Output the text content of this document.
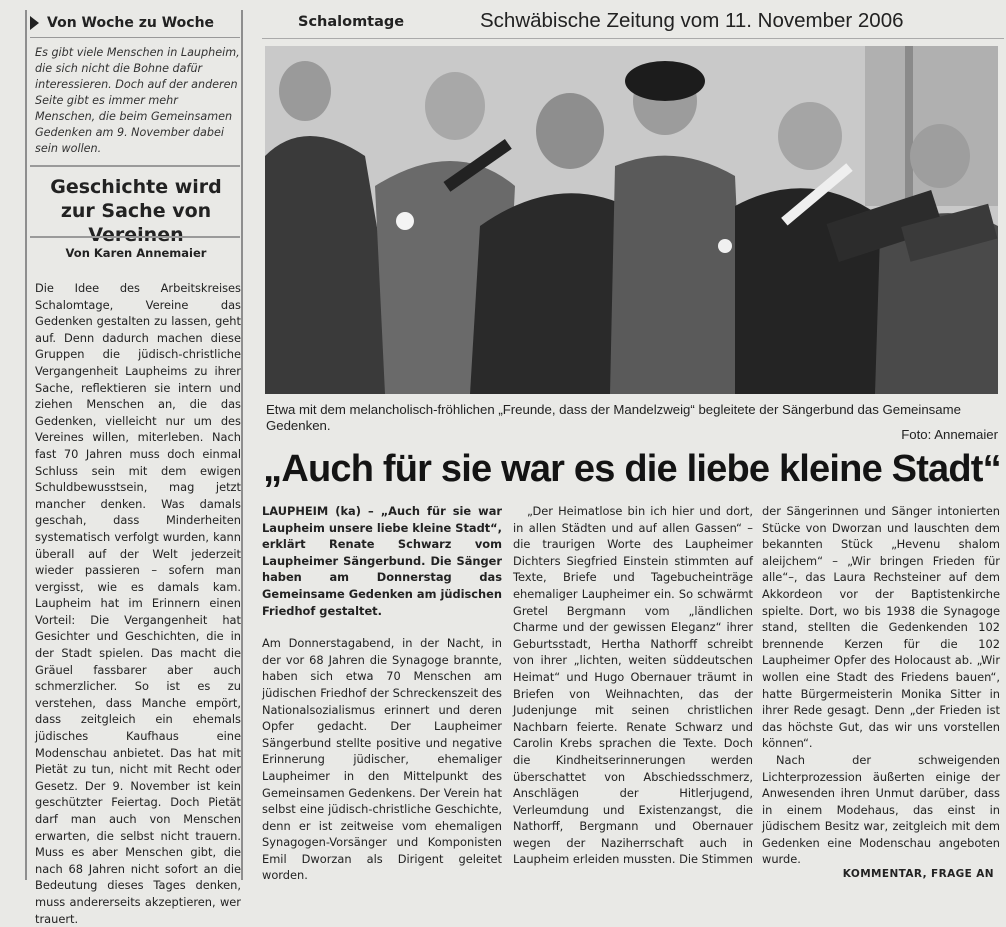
Von Woche zu Woche

Es gibt viele Menschen in Laupheim, die sich nicht die Bohne dafür interessieren. Doch auf der anderen Seite gibt es immer mehr Menschen, die beim Gemeinsamen Gedenken am 9. November dabei sein wollen.

Geschichte wird zur Sache von Vereinen
Von Karen Annemaier

Die Idee des Arbeitskreises Schalomtage, Vereine das Gedenken gestalten zu lassen, geht auf. Denn dadurch machen diese Gruppen die jüdisch-christliche Vergangenheit Laupheims zu ihrer Sache, reflektieren sie intern und ziehen Menschen an, die das Gedenken, vielleicht nur um des Vereines willen, miterleben. Nach fast 70 Jahren muss doch einmal Schluss sein mit dem ewigen Schuldbewusstsein, mag jetzt mancher denken. Was damals geschah, dass Minderheiten systematisch verfolgt wurden, kann überall auf der Welt jederzeit wieder passieren – sofern man vergisst, wie es damals kam. Laupheim hat im Erinnern einen Vorteil: Die Vergangenheit hat Gesichter und Geschichten, die in der Stadt spielen. Das macht die Gräuel fassbarer aber auch schmerzlicher. So ist es zu verstehen, dass Manche empört, dass zeitgleich ein ehemals jüdisches Kaufhaus eine Modenschau anbietet. Das hat mit Pietät zu tun, nicht mit Recht oder Gesetz. Der 9. November ist kein geschützter Feiertag. Doch Pietät darf man auch von Menschen erwarten, die selbst nicht trauern. Muss es aber Menschen gibt, die nach 68 Jahren nicht sofort an die Bedeutung dieses Tages denken, muss andererseits akzeptieren, wer trauert.

Schalomtage	Schwäbische Zeitung vom 11. November 2006

Etwa mit dem melancholisch-fröhlichen „Freunde, dass der Mandelzweig“ begleitete der Sängerbund das Gemeinsame Gedenken.

Foto: Annemaier
„Auch für sie war es die liebe kleine Stadt“

LAUPHEIM (ka) – „Auch für sie war Laupheim unsere liebe kleine Stadt“, erklärt Renate Schwarz vom Laupheimer Sängerbund. Die Sänger haben am Donnerstag das Gemeinsame Gedenken am jüdischen Friedhof gestaltet.

Am Donnerstagabend, in der Nacht, in der vor 68 Jahren die Synagoge brannte, haben sich etwa 70 Menschen am jüdischen Friedhof der Schreckenszeit des Nationalsozialismus erinnert und deren Opfer gedacht. Der Laupheimer Sängerbund stellte positive und negative Erinnerung jüdischer, ehemaliger Laupheimer in den Mittelpunkt des Gemeinsamen Gedenkens. Der Verein hat selbst eine jüdisch-christliche Geschichte, denn er ist zeitweise vom ehemaligen Synagogen-Vorsänger und Komponisten Emil Dworzan als Dirigent geleitet worden.

„Der Heimatlose bin ich hier und dort, in allen Städten und auf allen Gassen“ – die traurigen Worte des Laupheimer Dichters Siegfried Einstein stimmten auf Texte, Briefe und Tagebucheinträge ehemaliger Laupheimer ein. So schwärmt Gretel Bergmann vom „ländlichen Charme und der gewissen Eleganz“ ihrer Geburtsstadt, Hertha Nathorff schreibt von ihrer „lichten, weiten süddeutschen Heimat“ und Hugo Obernauer träumt in Briefen von Weihnachten, das der Judenjunge mit seinen christlichen Nachbarn feierte. Renate Schwarz und Carolin Krebs sprachen die Texte. Doch die Kindheitserinnerungen werden überschattet von Abschiedsschmerz, Anschlägen der Hitlerjugend, Verleumdung und Existenzangst, die Nathorff, Bergmann und Obernauer wegen der Naziherrschaft auch in Laupheim erleiden mussten. Die Stimmen

der Sängerinnen und Sänger intonierten Stücke von Dworzan und lauschten dem bekannten Stück „Hevenu shalom aleijchem“ – „Wir bringen Frieden für alle“–, das Laura Rechsteiner auf dem Akkordeon vor der Baptistenkirche spielte. Dort, wo bis 1938 die Synagoge stand, stellten die Gedenkenden 102 brennende Kerzen für die 102 Laupheimer Opfer des Holocaust ab. „Wir wollen eine Stadt des Friedens bauen“, hatte Bürgermeisterin Monika Sitter in ihrer Rede gesagt. Denn „der Frieden ist das höchste Gut, das wir uns vorstellen können“.

Nach der schweigenden Lichterprozession äußerten einige der Anwesenden ihren Unmut darüber, dass in einem Modehaus, das einst in jüdischem Besitz war, zeitgleich mit dem Gedenken eine Modenschau angeboten wurde.

KOMMENTAR, FRAGE AN
